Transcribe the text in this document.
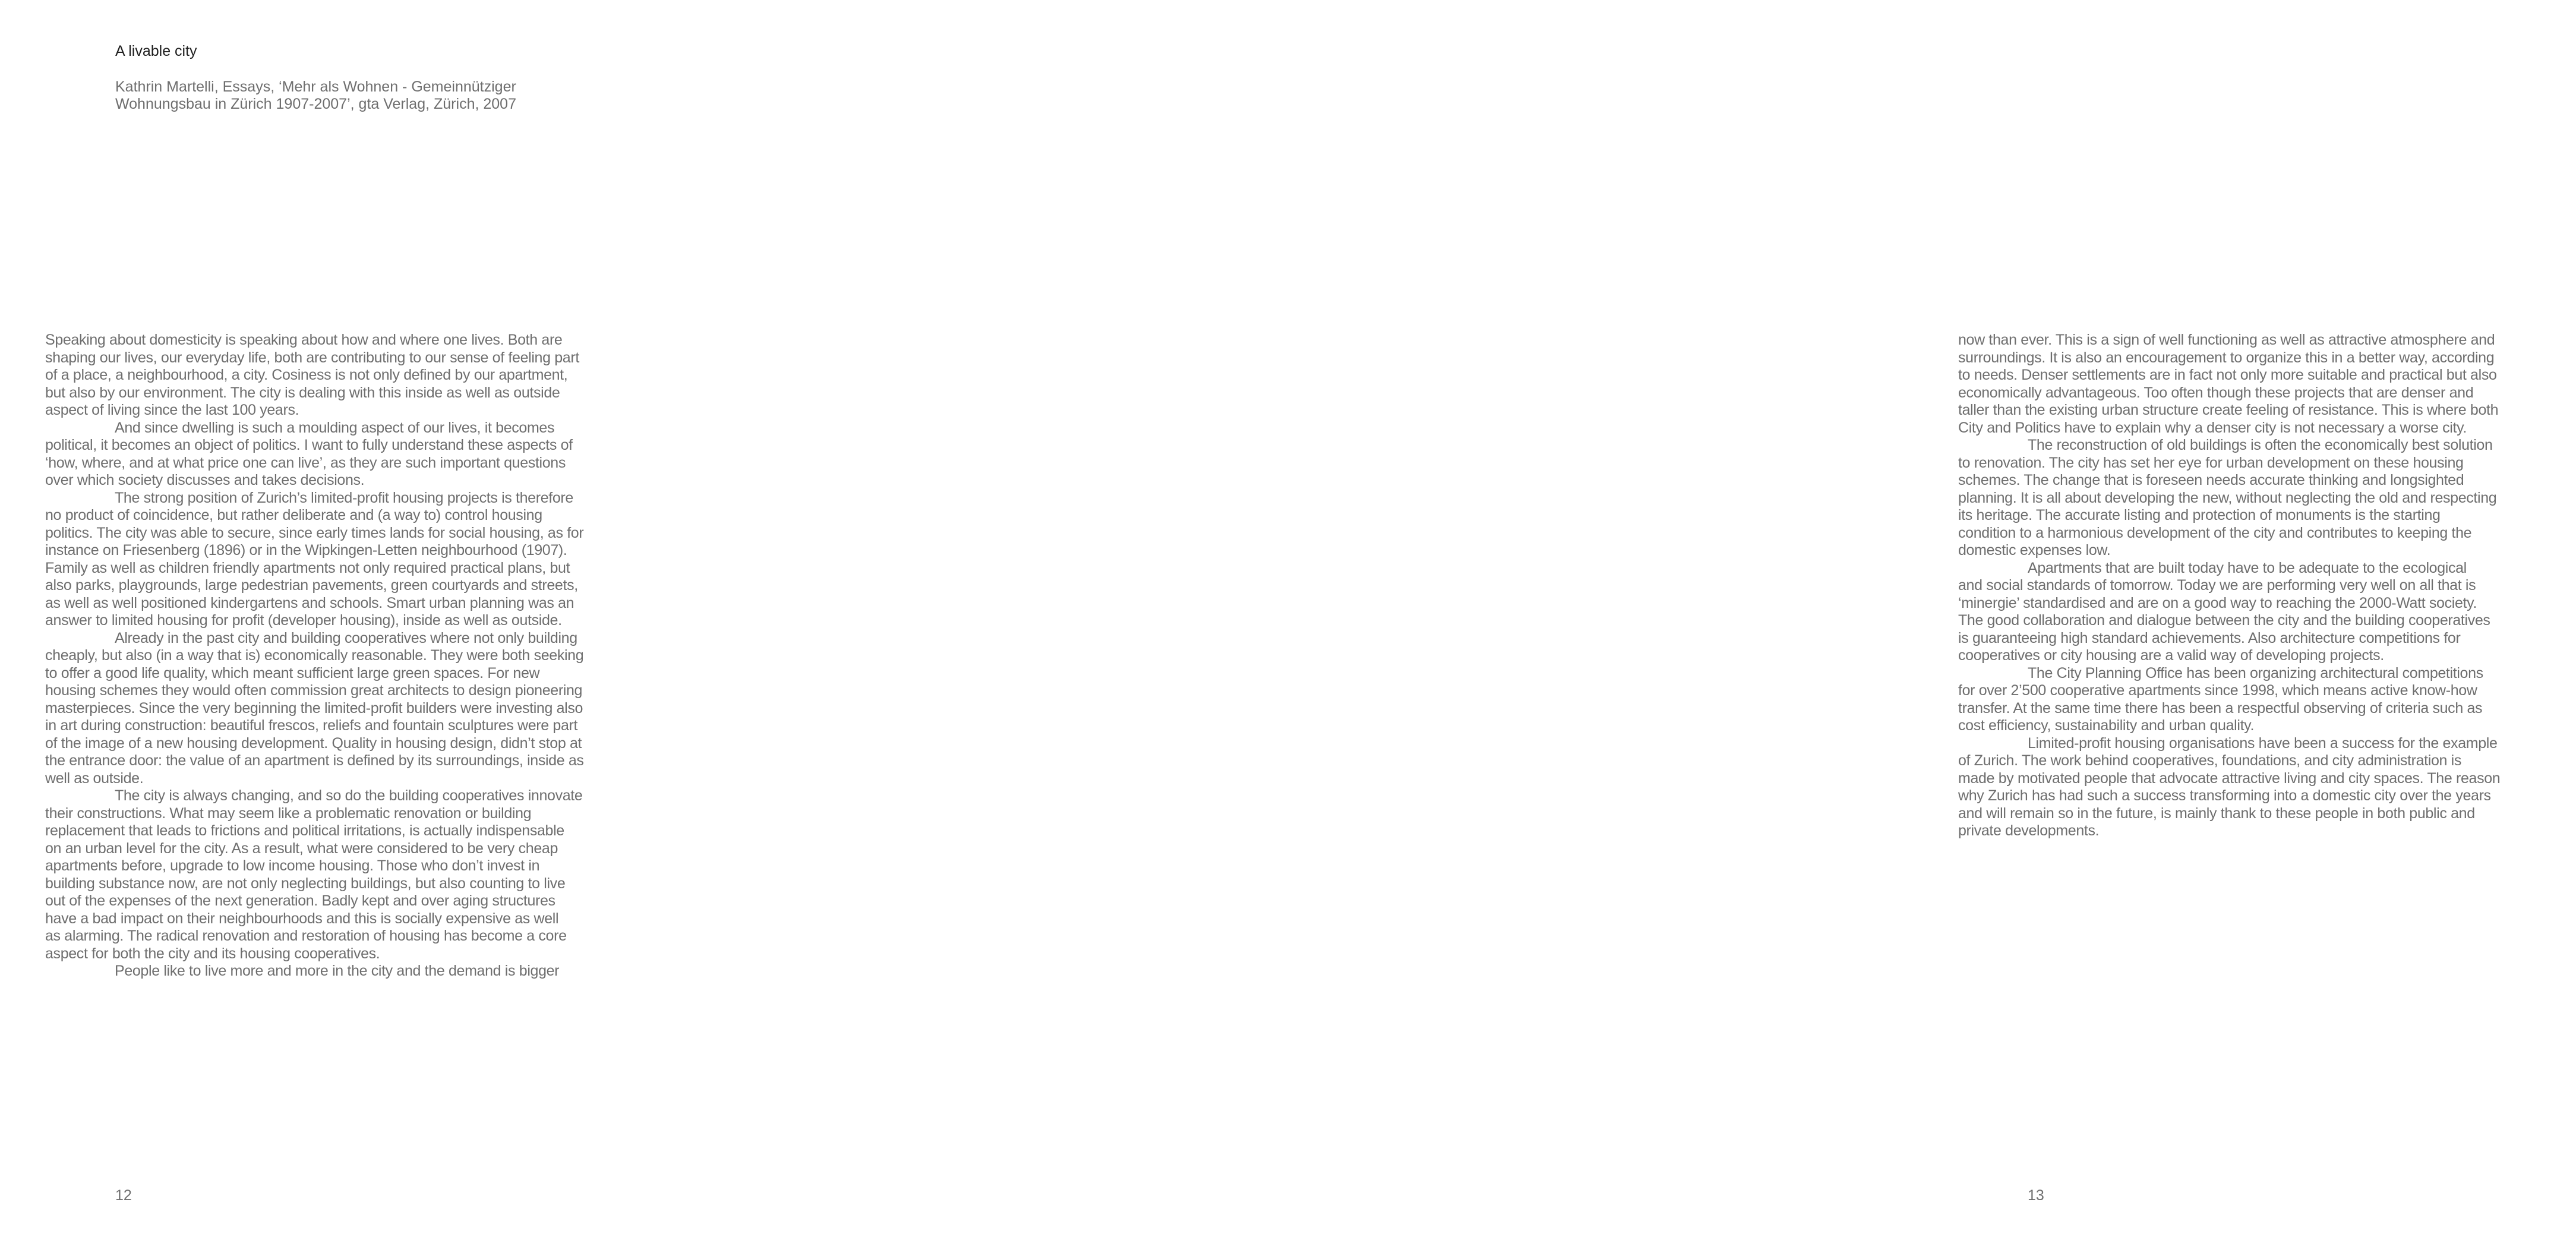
A livable city

Kathrin Martelli, Essays, ‘Mehr als Wohnen - Gemeinnütziger
Wohnungsbau in Zürich 1907-2007’, gta Verlag, Zürich, 2007

Speaking about domesticity is speaking about how and where one lives. Both are
shaping our lives, our everyday life, both are contributing to our sense of feeling part
of a place, a neighbourhood, a city. Cosiness is not only defined by our apartment,
but also by our environment. The city is dealing with this inside as well as outside
aspect of living since the last 100 years.
And since dwelling is such a moulding aspect of our lives, it becomes
political, it becomes an object of politics. I want to fully understand these aspects of
‘how, where, and at what price one can live’, as they are such important questions
over which society discusses and takes decisions.
The strong position of Zurich’s limited-profit housing projects is therefore
no product of coincidence, but rather deliberate and (a way to) control housing
politics. The city was able to secure, since early times lands for social housing, as for
instance on Friesenberg (1896) or in the Wipkingen-Letten neighbourhood (1907).
Family as well as children friendly apartments not only required practical plans, but
also parks, playgrounds, large pedestrian pavements, green courtyards and streets,
as well as well positioned kindergartens and schools. Smart urban planning was an
answer to limited housing for profit (developer housing), inside as well as outside.
Already in the past city and building cooperatives where not only building
cheaply, but also (in a way that is) economically reasonable. They were both seeking
to offer a good life quality, which meant sufficient large green spaces. For new
housing schemes they would often commission great architects to design pioneering
masterpieces. Since the very beginning the limited-profit builders were investing also
in art during construction: beautiful frescos, reliefs and fountain sculptures were part
of the image of a new housing development. Quality in housing design, didn’t stop at
the entrance door: the value of an apartment is defined by its surroundings, inside as
well as outside.
The city is always changing, and so do the building cooperatives innovate
their constructions. What may seem like a problematic renovation or building
replacement that leads to frictions and political irritations, is actually indispensable
on an urban level for the city. As a result, what were considered to be very cheap
apartments before, upgrade to low income housing. Those who don’t invest in
building substance now, are not only neglecting buildings, but also counting to live
out of the expenses of the next generation. Badly kept and over aging structures
have a bad impact on their neighbourhoods and this is socially expensive as well
as alarming. The radical renovation and restoration of housing has become a core
aspect for both the city and its housing cooperatives.
People like to live more and more in the city and the demand is bigger
12
now than ever. This is a sign of well functioning as well as attractive atmosphere and
surroundings. It is also an encouragement to organize this in a better way, according
to needs. Denser settlements are in fact not only more suitable and practical but also
economically advantageous. Too often though these projects that are denser and
taller than the existing urban structure create feeling of resistance. This is where both
City and Politics have to explain why a denser city is not necessary a worse city.
The reconstruction of old buildings is often the economically best solution
to renovation. The city has set her eye for urban development on these housing
schemes. The change that is foreseen needs accurate thinking and longsighted
planning. It is all about developing the new, without neglecting the old and respecting
its heritage. The accurate listing and protection of monuments is the starting
condition to a harmonious development of the city and contributes to keeping the
domestic expenses low.
Apartments that are built today have to be adequate to the ecological
and social standards of tomorrow. Today we are performing very well on all that is
‘minergie’ standardised and are on a good way to reaching the 2000-Watt society.
The good collaboration and dialogue between the city and the building cooperatives
is guaranteeing high standard achievements. Also architecture competitions for
cooperatives or city housing are a valid way of developing projects.
The City Planning Office has been organizing architectural competitions
for over 2’500 cooperative apartments since 1998, which means active know-how
transfer. At the same time there has been a respectful observing of criteria such as
cost efficiency, sustainability and urban quality.
Limited-profit housing organisations have been a success for the example
of Zurich. The work behind cooperatives, foundations, and city administration is
made by motivated people that advocate attractive living and city spaces. The reason
why Zurich has had such a success transforming into a domestic city over the years
and will remain so in the future, is mainly thank to these people in both public and
private developments.
13
